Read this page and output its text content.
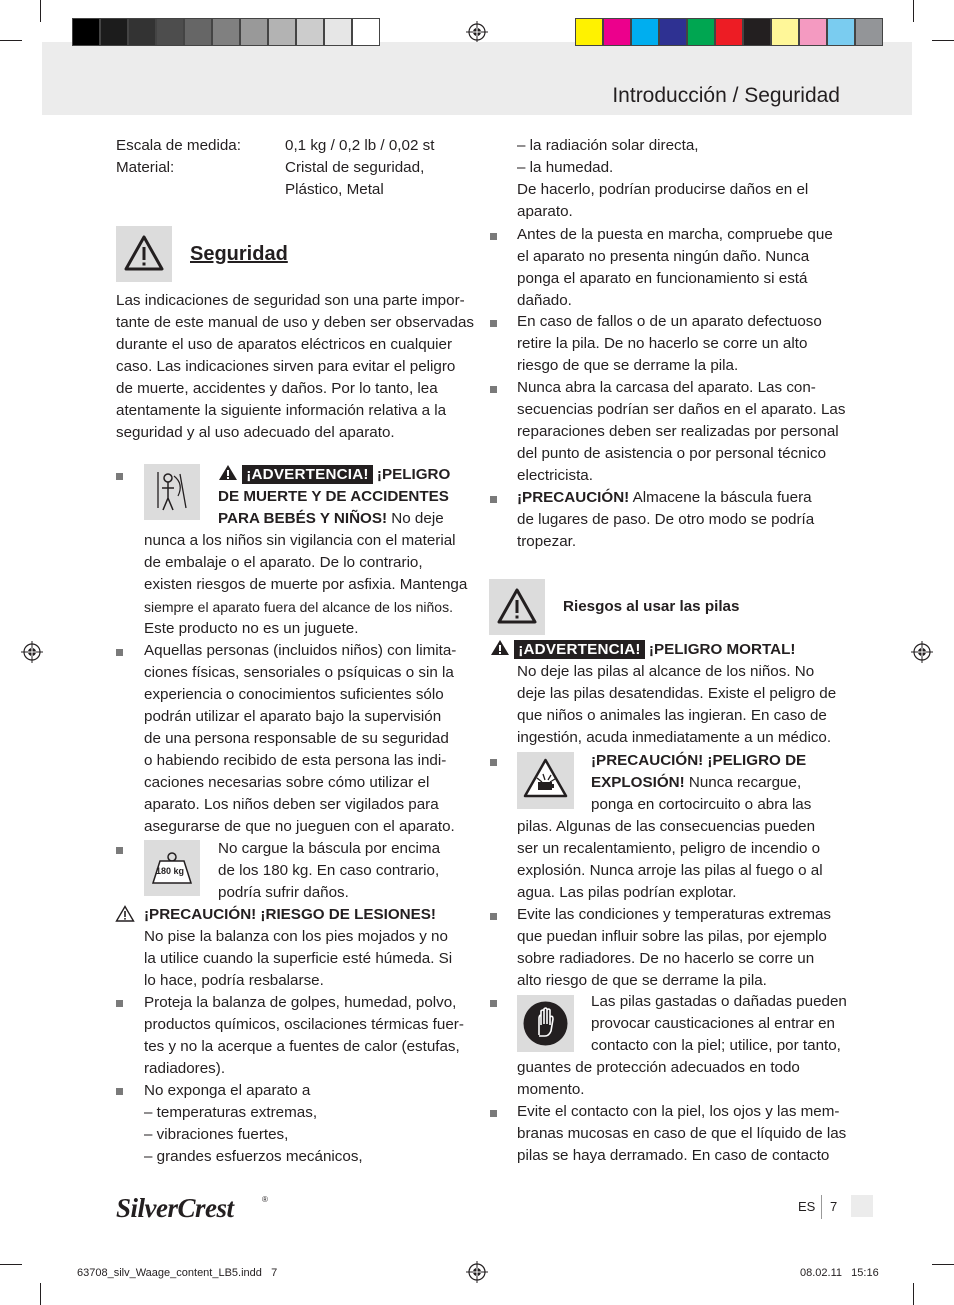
Introducción / Seguridad
Escala de medida:	0,1 kg / 0,2 lb / 0,02 st
Material:	Cristal de seguridad,
Plástico, Metal
Seguridad
Las indicaciones de seguridad son una parte impor-
tante de este manual de uso y deben ser observadas
durante el uso de aparatos eléctricos en cualquier
caso. Las indicaciones sirven para evitar el peligro
de muerte, accidentes y daños. Por lo tanto, lea
atentamente la siguiente información relativa a la
seguridad y al uso adecuado del aparato.
¡ADVERTENCIA! ¡PELIGRO
DE MUERTE Y DE ACCIDENTES
PARA BEBÉS Y NIÑOS! No deje
nunca a los niños sin vigilancia con el material
de embalaje o el aparato. De lo contrario,
existen riesgos de muerte por asfixia. Mantenga
siempre el aparato fuera del alcance de los niños.
Este producto no es un juguete.
Aquellas personas (incluidos niños) con limita-
ciones físicas, sensoriales o psíquicas o sin la
experiencia o conocimientos suficientes sólo
podrán utilizar el aparato bajo la supervisión
de una persona responsable de su seguridad
o habiendo recibido de esta persona las indi-
caciones necesarias sobre cómo utilizar el
aparato. Los niños deben ser vigilados para
asegurarse de que no jueguen con el aparato.
180 kg
No cargue la báscula por encima
de los 180 kg. En caso contrario,
podría sufrir daños.
¡PRECAUCIÓN! ¡RIESGO DE LESIONES!
No pise la balanza con los pies mojados y no
la utilice cuando la superficie esté húmeda. Si
lo hace, podría resbalarse.
Proteja la balanza de golpes, humedad, polvo,
productos químicos, oscilaciones térmicas fuer-
tes y no la acerque a fuentes de calor (estufas,
radiadores).
No exponga el aparato a
– temperaturas extremas,
– vibraciones fuertes,
– grandes esfuerzos mecánicos,
– la radiación solar directa,
– la humedad.
De hacerlo, podrían producirse daños en el
aparato.
Antes de la puesta en marcha, compruebe que
el aparato no presenta ningún daño. Nunca
ponga el aparato en funcionamiento si está
dañado.
En caso de fallos o de un aparato defectuoso
retire la pila. De no hacerlo se corre un alto
riesgo de que se derrame la pila.
Nunca abra la carcasa del aparato. Las con-
secuencias podrían ser daños en el aparato. Las
reparaciones deben ser realizadas por personal
del punto de asistencia o por personal técnico
electricista.
¡PRECAUCIÓN! Almacene la báscula fuera
de lugares de paso. De otro modo se podría
tropezar.
Riesgos al usar las pilas
¡ADVERTENCIA! ¡PELIGRO MORTAL!
No deje las pilas al alcance de los niños. No
deje las pilas desatendidas. Existe el peligro de
que niños o animales las ingieran. En caso de
ingestión, acuda inmediatamente a un médico.
¡PRECAUCIÓN! ¡PELIGRO DE
EXPLOSIÓN! Nunca recargue,
ponga en cortocircuito o abra las
pilas. Algunas de las consecuencias pueden
ser un recalentamiento, peligro de incendio o
explosión. Nunca arroje las pilas al fuego o al
agua. Las pilas podrían explotar.
Evite las condiciones y temperaturas extremas
que puedan influir sobre las pilas, por ejemplo
sobre radiadores. De no hacerlo se corre un
alto riesgo de que se derrame la pila.
Las pilas gastadas o dañadas pueden
provocar causticaciones al entrar en
contacto con la piel; utilice, por tanto,
guantes de protección adecuados en todo
momento.
Evite el contacto con la piel, los ojos y las mem-
branas mucosas en caso de que el líquido de las
pilas se haya derramado. En caso de contacto
SilverCrest	®	ES 7
63708_silv_Waage_content_LB5.indd   7	08.02.11   15:16
